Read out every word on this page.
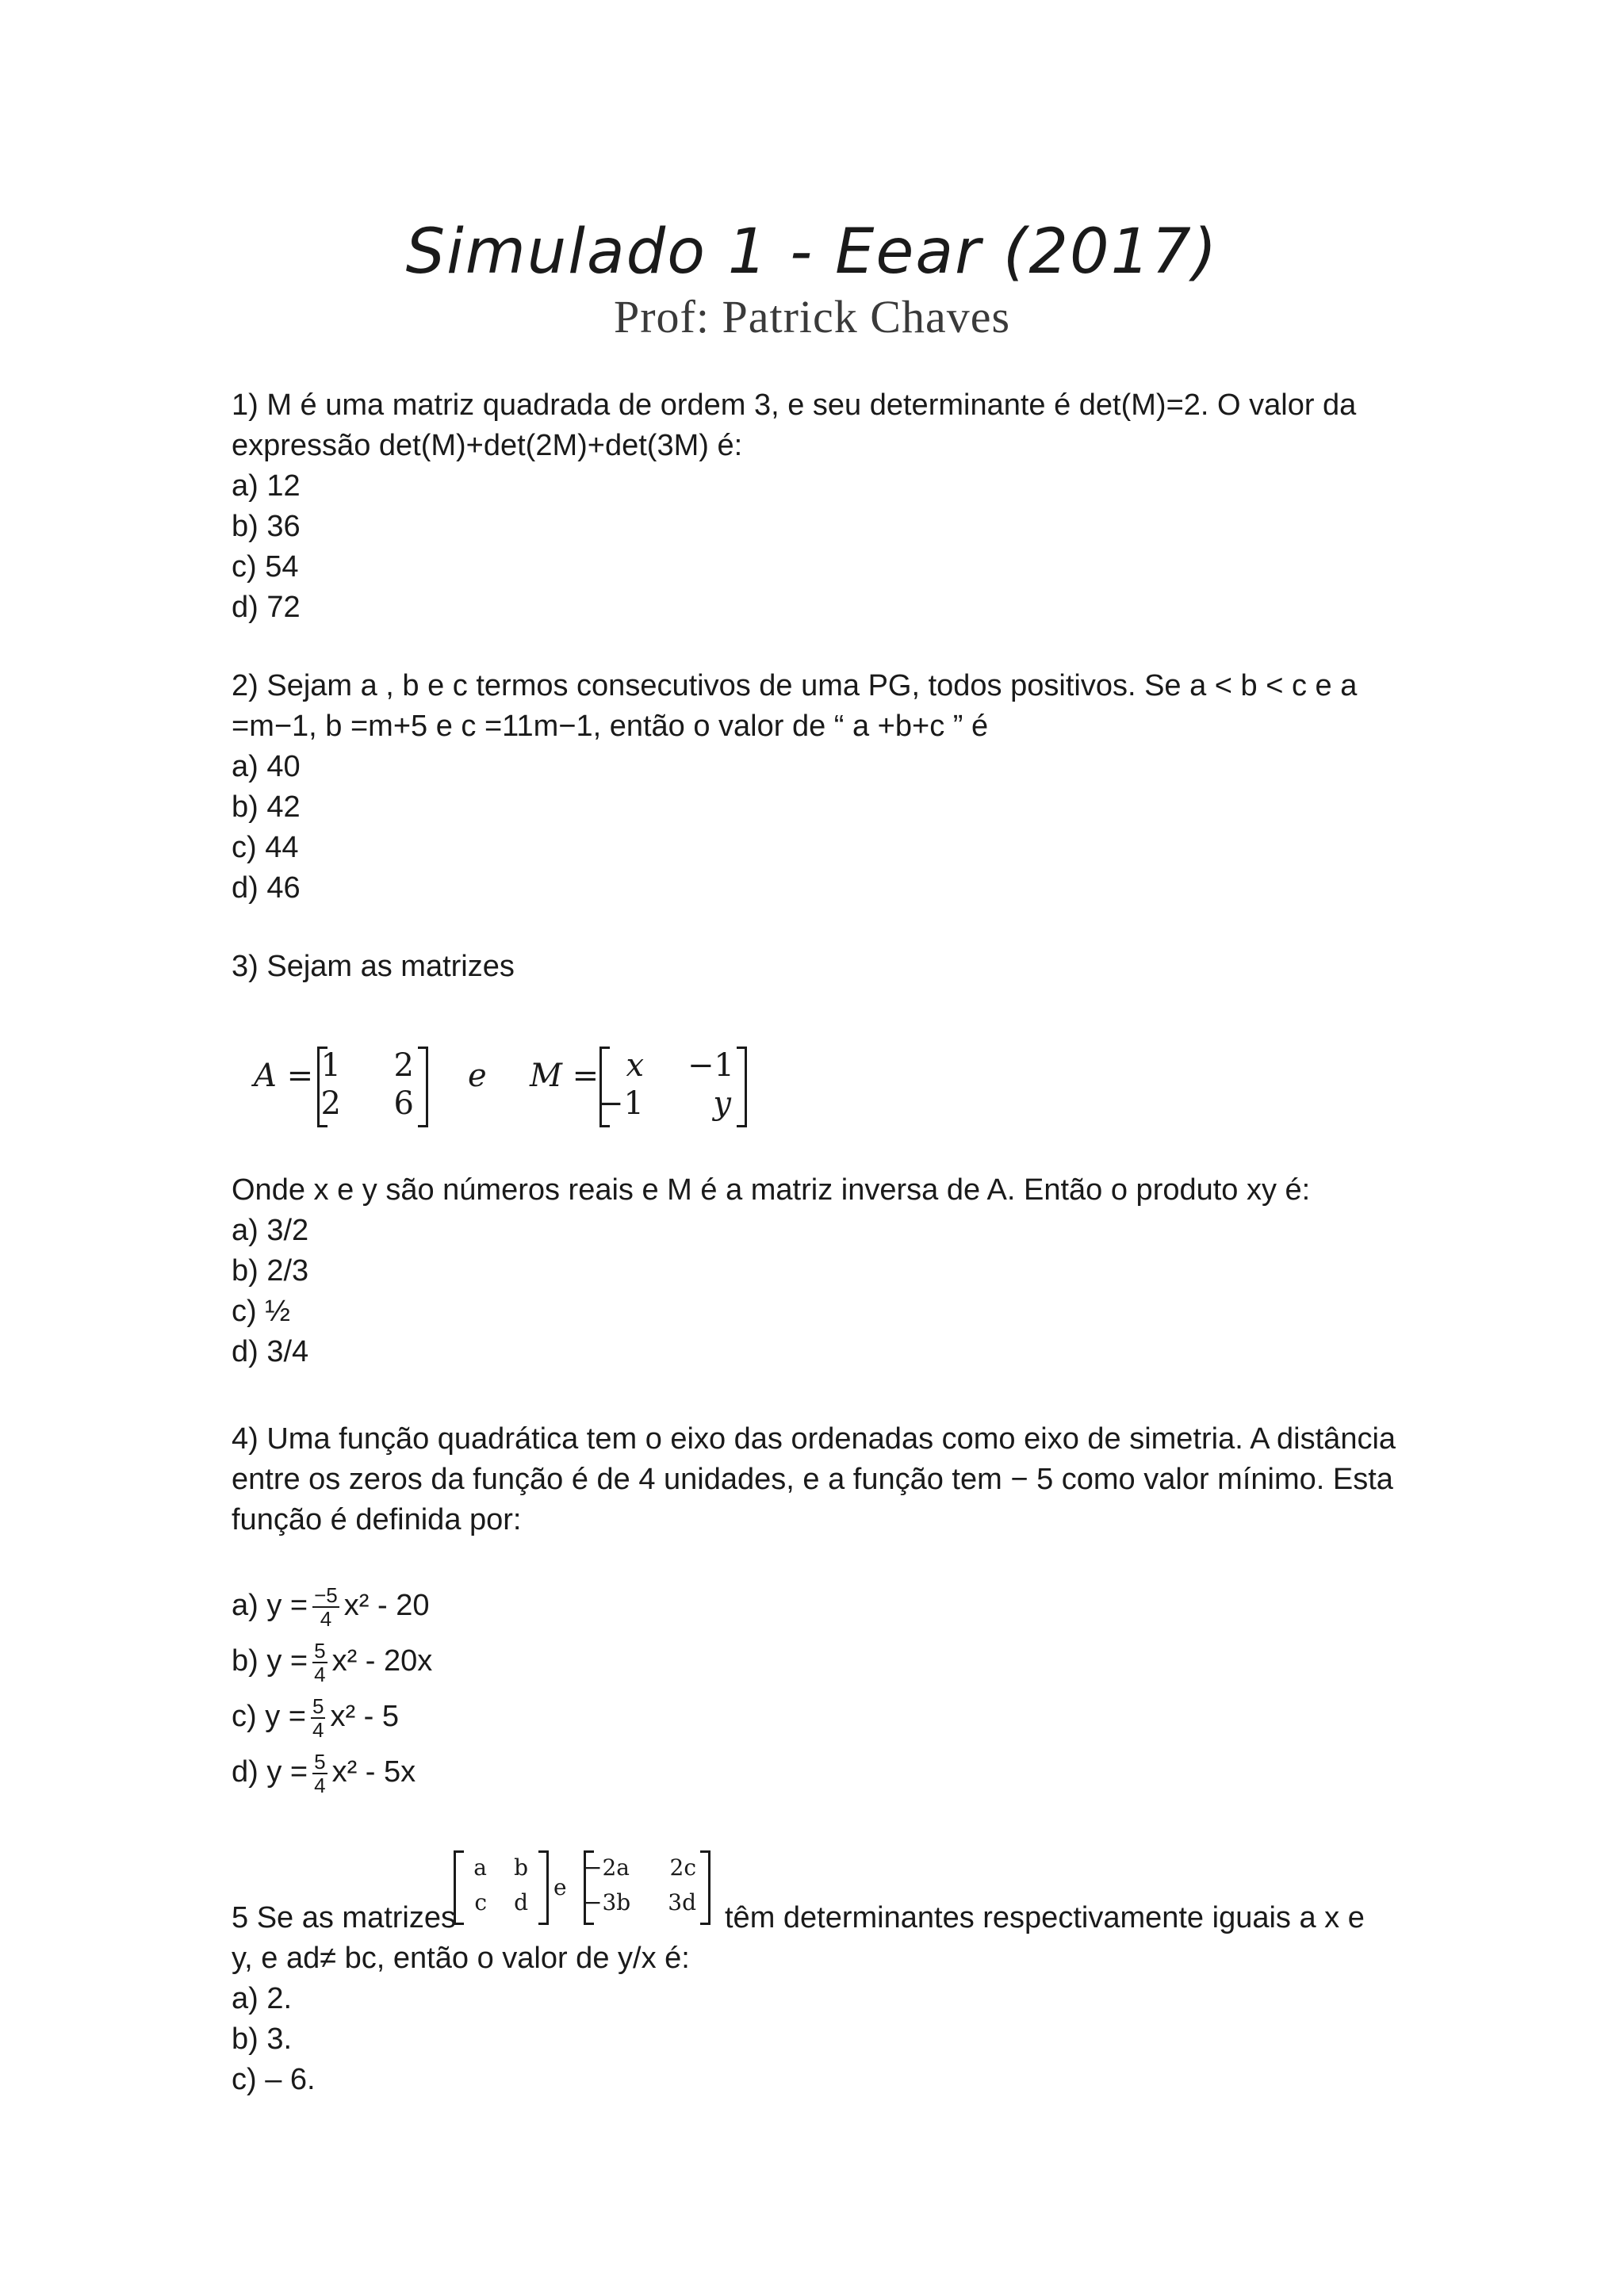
Simulado 1 - Eear (2017)
Prof: Patrick Chaves
1) M é uma matriz quadrada de ordem 3, e seu determinante é det(M)=2. O valor da
expressão det(M)+det(2M)+det(3M) é:
a) 12
b) 36
c) 54
d) 72
2) Sejam a , b e c termos consecutivos de uma PG, todos positivos. Se a < b < c e a
=m−1, b =m+5 e c =11m−1, então o valor de “ a +b+c ” é
a) 40
b) 42
c) 44
d) 46
3) Sejam as matrizes
A = 1	2
2	6
e M = x −1
−1	y
Onde x e y são números reais e M é a matriz inversa de A. Então o produto xy é:
a) 3/2
b) 2/3
c) ½
d) 3/4
4) Uma função quadrática tem o eixo das ordenadas como eixo de simetria. A distância
entre os zeros da função é de 4 unidades, e a função tem − 5 como valor mínimo. Esta
função é definida por:
a) $y = \frac{-5}{4} x^2 - 20$
b) $y = \frac{5}{4} x^2 - 20x$
c) $y = \frac{5}{4} x^2 - 5$
d) $y = \frac{5}{4} x^2 - 5x$
a	b
c	d
e
−2a	2c
−3b	3d
5 Se as matrizes	têm determinantes respectivamente iguais a x e
y, e ad≠ bc, então o valor de y/x é:
a) 2.
b) 3.
c) – 6.
